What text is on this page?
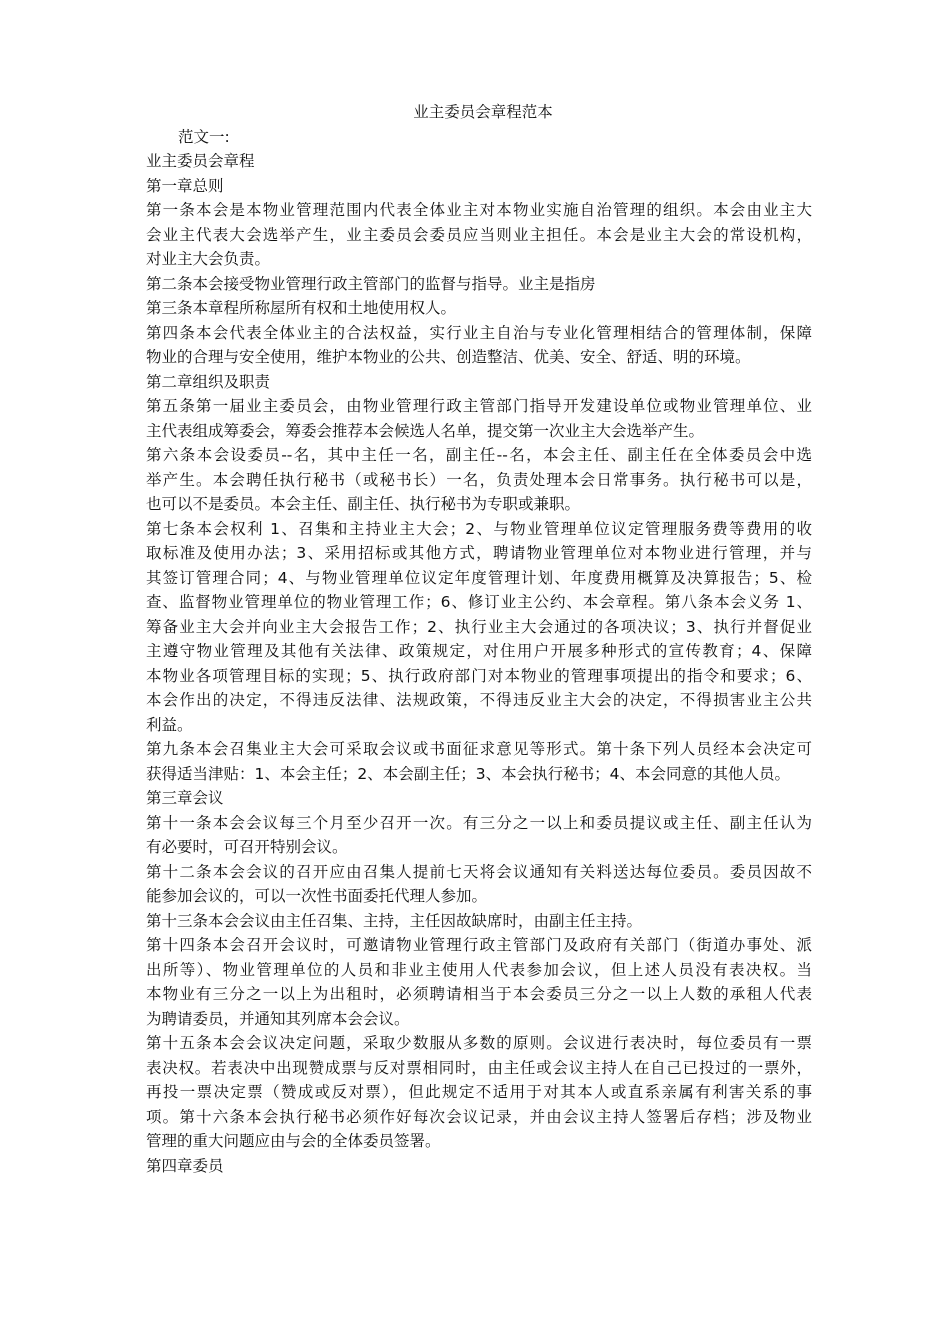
业主委员会章程范本

范文一:

业主委员会章程

第一章总则

第一条本会是本物业管理范围内代表全体业主对本物业实施自治管理的组织。本会由业主大

会业主代表大会选举产生，业主委员会委员应当则业主担任。本会是业主大会的常设机构，

对业主大会负责。

第二条本会接受物业管理行政主管部门的监督与指导。业主是指房

第三条本章程所称屋所有权和土地使用权人。

第四条本会代表全体业主的合法权益，实行业主自治与专业化管理相结合的管理体制，保障

物业的合理与安全使用，维护本物业的公共、创造整洁、优美、安全、舒适、明的环境。

第二章组织及职责

第五条第一届业主委员会，由物业管理行政主管部门指导开发建设单位或物业管理单位、业

主代表组成筹委会，筹委会推荐本会候选人名单，提交第一次业主大会选举产生。

第六条本会设委员--名，其中主任一名，副主任--名，本会主任、副主任在全体委员会中选

举产生。本会聘任执行秘书（或秘书长）一名，负责处理本会日常事务。执行秘书可以是，

也可以不是委员。本会主任、副主任、执行秘书为专职或兼职。

第七条本会权利 1、召集和主持业主大会；2、与物业管理单位议定管理服务费等费用的收

取标准及使用办法；3、采用招标或其他方式，聘请物业管理单位对本物业进行管理，并与

其签订管理合同；4、与物业管理单位议定年度管理计划、年度费用概算及决算报告；5、检

查、监督物业管理单位的物业管理工作；6、修订业主公约、本会章程。第八条本会义务 1、

筹备业主大会并向业主大会报告工作；2、执行业主大会通过的各项决议；3、执行并督促业

主遵守物业管理及其他有关法律、政策规定，对住用户开展多种形式的宣传教育；4、保障

本物业各项管理目标的实现；5、执行政府部门对本物业的管理事项提出的指令和要求；6、

本会作出的决定，不得违反法律、法规政策，不得违反业主大会的决定，不得损害业主公共

利益。

第九条本会召集业主大会可采取会议或书面征求意见等形式。第十条下列人员经本会决定可

获得适当津贴：1、本会主任；2、本会副主任；3、本会执行秘书；4、本会同意的其他人员。

第三章会议

第十一条本会会议每三个月至少召开一次。有三分之一以上和委员提议或主任、副主任认为

有必要时，可召开特别会议。

第十二条本会会议的召开应由召集人提前七天将会议通知有关料送达每位委员。委员因故不

能参加会议的，可以一次性书面委托代理人参加。

第十三条本会会议由主任召集、主持，主任因故缺席时，由副主任主持。

第十四条本会召开会议时，可邀请物业管理行政主管部门及政府有关部门（街道办事处、派

出所等）、物业管理单位的人员和非业主使用人代表参加会议，但上述人员没有表决权。当

本物业有三分之一以上为出租时，必须聘请相当于本会委员三分之一以上人数的承租人代表

为聘请委员，并通知其列席本会会议。

第十五条本会会议决定问题，采取少数服从多数的原则。会议进行表决时，每位委员有一票

表决权。若表决中出现赞成票与反对票相同时，由主任或会议主持人在自己已投过的一票外，

再投一票决定票（赞成或反对票），但此规定不适用于对其本人或直系亲属有利害关系的事

项。第十六条本会执行秘书必须作好每次会议记录，并由会议主持人签署后存档；涉及物业

管理的重大问题应由与会的全体委员签署。

第四章委员
